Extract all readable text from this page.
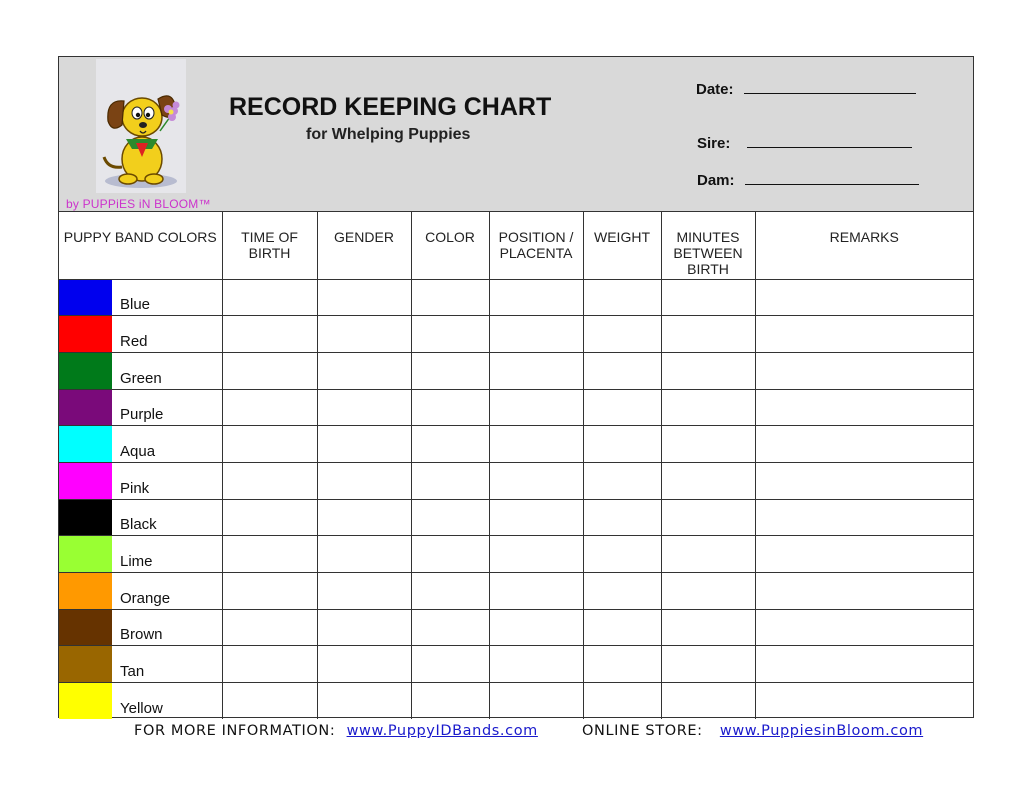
by PUPPiES iN BLOOM™
RECORD KEEPING CHART
for Whelping Puppies
Date:
Sire:
Dam:
PUPPY BAND COLORS	TIME OF BIRTH	GENDER	COLOR	POSITION / PLACENTA	WEIGHT	MINUTES BETWEEN BIRTH	REMARKS

Blue							

Red							

Green							

Purple							

Aqua							

Pink							

Black							

Lime							

Orange							

Brown							

Tan							

Yellow							

FOR MORE INFORMATION: www.PuppyIDBands.com	ONLINE STORE: www.PuppiesinBloom.com
